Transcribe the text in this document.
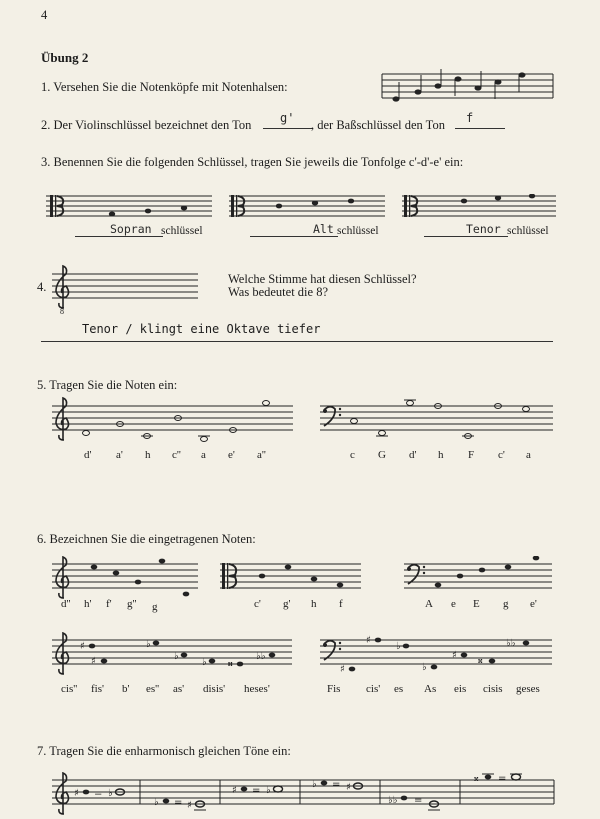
4
Übung 2
1. Versehen Sie die Notenköpfe mit Notenhalsen:
2. Der Violinschlüssel bezeichnet den Ton g' , der Baßschlüssel den Ton f
3. Benennen Sie die folgenden Schlüssel, tragen Sie jeweils die Tonfolge c'-d'-e' ein:
Sopran schlüssel	Alt schlüssel	Tenor schlüssel
4.
8
Welche Stimme hat diesen Schlüssel?
Was bedeutet die 8?
Tenor / klingt eine Oktave tiefer
5. Tragen Sie die Noten ein:
d' a' h c'' a e' a''	c G d' h F c' a
6. Bezeichnen Sie die eingetragenen Noten:
d'' h' f' g'' g	c' g' h f	A e E g e'
♯
♯
♭
♭
♭ 𝄪
♭♭
♯
♯
♭
♭
♯ 𝄪
♭♭
cis'' fis' b' es'' as' disis' heses'	Fis cis' es As eis cisis geses
7. Tragen Sie die enharmonisch gleichen Töne ein:
♯ = ♭
♭ = ♯
♯ = ♭
♭ = ♯
♭♭ =
𝄪 =
